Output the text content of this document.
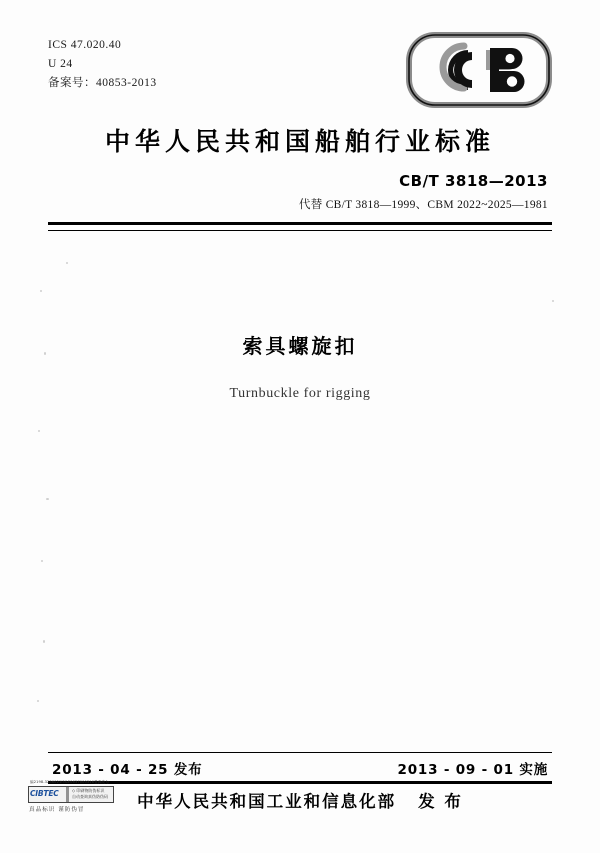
ICS 47.020.40
U 24
备案号：40853-2013
中华人民共和国船舶行业标准
CB/T 3818—2013
代替 CB/T 3818—1999、CBM 2022~2025—1981
索具螺旋扣
Turnbuckle for rigging
2013 - 04 - 25 发布	2013 - 09 - 01 实施
中华人民共和国工业和信息化部 发 布
编2198-3236021I5&E0637000316竖真改为
CIBTEC	◇ 印刷物防伪标识
自动查询真伪防伪码
真品标识 谨防伪冒
